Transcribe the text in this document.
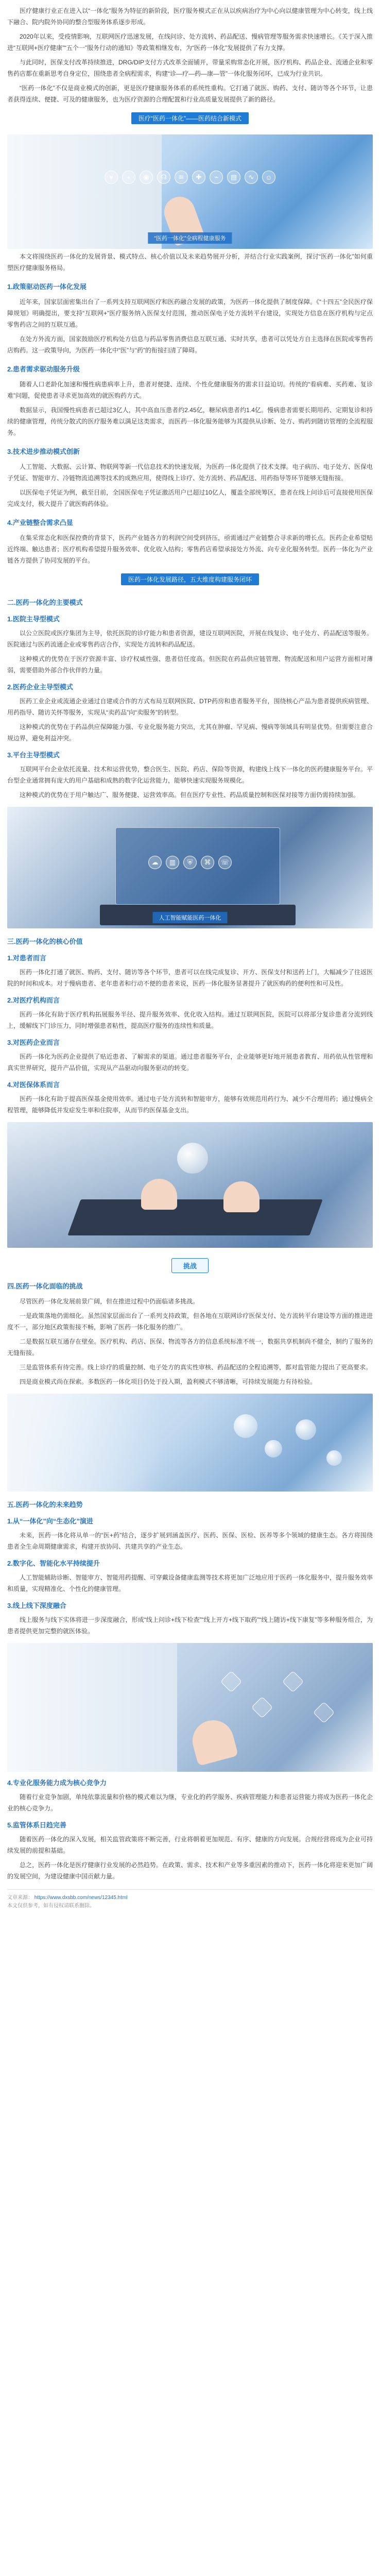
医疗健康行业正在进入以“一体化”服务为特征的新阶段，医疗服务模式正在从以疾病治疗为中心向以健康管理为中心转变，线上线下融合、院内院外协同的整合型服务体系逐步形成。

2020年以来，受疫情影响，互联网医疗迅速发展，在线问诊、处方流转、药品配送、慢病管理等服务需求快速增长。《关于深入推进“互联网+医疗健康”“五个一”服务行动的通知》等政策相继发布，为“医药一体化”发展提供了有力支撑。

与此同时，医保支付改革持续推进，DRG/DIP支付方式改革全面铺开，带量采购常态化开展，医疗机构、药品企业、流通企业和零售药店都在重新思考自身定位，围绕患者全病程需求，构建“诊—疗—药—康—管”一体化服务闭环，已成为行业共识。

“医药一体化”不仅是商业模式的创新，更是医疗健康服务体系的系统性重构。它打通了就医、购药、支付、随访等各个环节，让患者获得连续、便捷、可及的健康服务，也为医疗资源的合理配置和行业高质量发展提供了新的路径。

医疗“医药一体化”——医药结合新模式
♥	+	◉	☊	≋	✚	⌁	▤	∿	☺
“医药一体化”全病程健康服务

本文将围绕医药一体化的发展背景、模式特点、核心价值以及未来趋势展开分析，并结合行业实践案例，探讨“医药一体化”如何重塑医疗健康服务格局。

1.政策驱动医药一体化发展

近年来，国家层面密集出台了一系列支持互联网医疗和医药融合发展的政策，为医药一体化提供了制度保障。《“十四五”全民医疗保障规划》明确提出，要支持“互联网+”医疗服务纳入医保支付范围，推动医保电子处方流转平台建设，实现处方信息在医疗机构与定点零售药店之间的互联互通。

在处方外流方面，国家鼓励医疗机构处方信息与药品零售消费信息互联互通、实时共享，患者可以凭处方自主选择在医院或零售药店购药。这一政策导向，为医药一体化中“医”与“药”的衔接扫清了障碍。

2.患者需求驱动服务升级

随着人口老龄化加速和慢性病患病率上升，患者对便捷、连续、个性化健康服务的需求日益迫切。传统的“看病难、买药难、复诊难”问题，促使患者寻求更加高效的就医购药方式。

数据显示，我国慢性病患者已超过3亿人，其中高血压患者约2.45亿，糖尿病患者约1.4亿。慢病患者需要长期用药、定期复诊和持续的健康管理，传统分散式的医疗服务难以满足这类需求，而医药一体化服务能够为其提供从诊断、处方、购药到随访管理的全流程服务。

3.技术进步推动模式创新

人工智能、大数据、云计算、物联网等新一代信息技术的快速发展，为医药一体化提供了技术支撑。电子病历、电子处方、医保电子凭证、智能审方、冷链物流追溯等技术的成熟应用，使得线上诊疗、处方流转、药品配送、用药指导等环节能够无缝衔接。

以医保电子凭证为例，截至目前，全国医保电子凭证激活用户已超过10亿人，覆盖全部统筹区，患者在线上问诊后可直接使用医保完成支付，极大提升了就医购药体验。

4.产业链整合需求凸显

在集采常态化和医保控费的背景下，医药产业链各方的利润空间受到挤压，亟需通过产业链整合寻求新的增长点。医药企业希望贴近终端、触达患者；医疗机构希望提升服务效率、优化收入结构；零售药店希望承接处方外流、向专业化服务转型。医药一体化为产业链各方提供了协同发展的平台。

医药一体化发展路径，五大维度构建服务闭环
二.医药一体化的主要模式
1.医院主导型模式

以公立医院或医疗集团为主导，依托医院的诊疗能力和患者资源，建设互联网医院，开展在线复诊、电子处方、药品配送等服务。医院通过与医药流通企业或零售药店合作，实现处方流转和药品配送。

这种模式的优势在于医疗资源丰富、诊疗权威性强、患者信任度高。但医院在药品供应链管理、物流配送和用户运营方面相对薄弱，需要借助外部合作伙伴的力量。

2.医药企业主导型模式

医药工业企业或流通企业通过自建或合作的方式布局互联网医院、DTP药房和患者服务平台，围绕核心产品为患者提供疾病管理、用药指导、随访关怀等服务，实现从“卖药品”向“卖服务”的转型。

这种模式的优势在于药品供应保障能力强、专业化服务能力突出，尤其在肿瘤、罕见病、慢病等领域具有明显优势。但需要注意合规边界，避免利益冲突。

3.平台主导型模式

互联网平台企业依托流量、技术和运营优势，整合医生、医院、药店、保险等资源，构建线上线下一体化的医药健康服务平台。平台型企业通常拥有庞大的用户基础和成熟的数字化运营能力，能够快速实现服务规模化。

这种模式的优势在于用户触达广、服务便捷、运营效率高。但在医疗专业性、药品质量控制和医保对接等方面仍需持续加强。

☁	▥	⛨	⌘	☏
人工智能赋能医药一体化
三.医药一体化的核心价值
1.对患者而言

医药一体化打通了就医、购药、支付、随访等各个环节，患者可以在线完成复诊、开方、医保支付和送药上门，大幅减少了往返医院的时间和成本。对于慢病患者、老年患者和行动不便的患者来说，医药一体化服务显著提升了就医购药的便利性和可及性。

2.对医疗机构而言

医药一体化有助于医疗机构拓展服务半径、提升服务效率、优化收入结构。通过互联网医院，医院可以将部分复诊患者分流到线上，缓解线下门诊压力，同时增强患者粘性，提高医疗服务的连续性和质量。

3.对医药企业而言

医药一体化为医药企业提供了贴近患者、了解需求的渠道。通过患者服务平台，企业能够更好地开展患者教育、用药依从性管理和真实世界研究，提升产品价值，实现从产品驱动向服务驱动的转变。

4.对医保体系而言

医药一体化有助于提高医保基金使用效率。通过电子处方流转和智能审方，能够有效规范用药行为、减少不合理用药；通过慢病全程管理，能够降低并发症发生率和住院率，从而节约医保基金支出。

挑战
四.医药一体化面临的挑战

尽管医药一体化发展前景广阔，但在推进过程中仍面临诸多挑战。

一是政策落地仍需细化。虽然国家层面出台了一系列支持政策，但各地在互联网诊疗医保支付、处方流转平台建设等方面的推进进度不一，部分地区政策衔接不畅，影响了医药一体化服务的推广。

二是数据互联互通存在壁垒。医疗机构、药店、医保、物流等各方的信息系统标准不统一，数据共享机制尚不健全，制约了服务的无缝衔接。

三是监管体系有待完善。线上诊疗的质量控制、电子处方的真实性审核、药品配送的全程追溯等，都对监管能力提出了更高要求。

四是商业模式尚在探索。多数医药一体化项目仍处于投入期，盈利模式不够清晰，可持续发展能力有待检验。

五.医药一体化的未来趋势
1.从“一体化”向“生态化”演进

未来，医药一体化将从单一的“医+药”结合，逐步扩展到涵盖医疗、医药、医保、医检、医养等多个领域的健康生态。各方将围绕患者全生命周期健康需求，构建开放协同、共建共享的产业生态。

2.数字化、智能化水平持续提升

人工智能辅助诊断、智能审方、智能用药提醒、可穿戴设备健康监测等技术将更加广泛地应用于医药一体化服务中，提升服务效率和质量，实现精准化、个性化的健康管理。

3.线上线下深度融合

线上服务与线下实体将进一步深度融合，形成“线上问诊+线下检查”“线上开方+线下取药”“线上随访+线下康复”等多种服务组合，为患者提供更加完整的就医体验。

4.专业化服务能力成为核心竞争力

随着行业竞争加剧，单纯依靠流量和价格的模式难以为继，专业化的药学服务、疾病管理能力和患者运营能力将成为医药一体化企业的核心竞争力。

5.监管体系日趋完善

随着医药一体化的深入发展，相关监管政策将不断完善，行业将朝着更加规范、有序、健康的方向发展。合规经营将成为企业可持续发展的前提和基础。

总之，医药一体化是医疗健康行业发展的必然趋势。在政策、需求、技术和产业等多重因素的推动下，医药一体化将迎来更加广阔的发展空间，为建设健康中国贡献力量。

文章来源： https://www.dxsbb.com/news/12345.html
本文仅供参考，如有侵权请联系删除。
